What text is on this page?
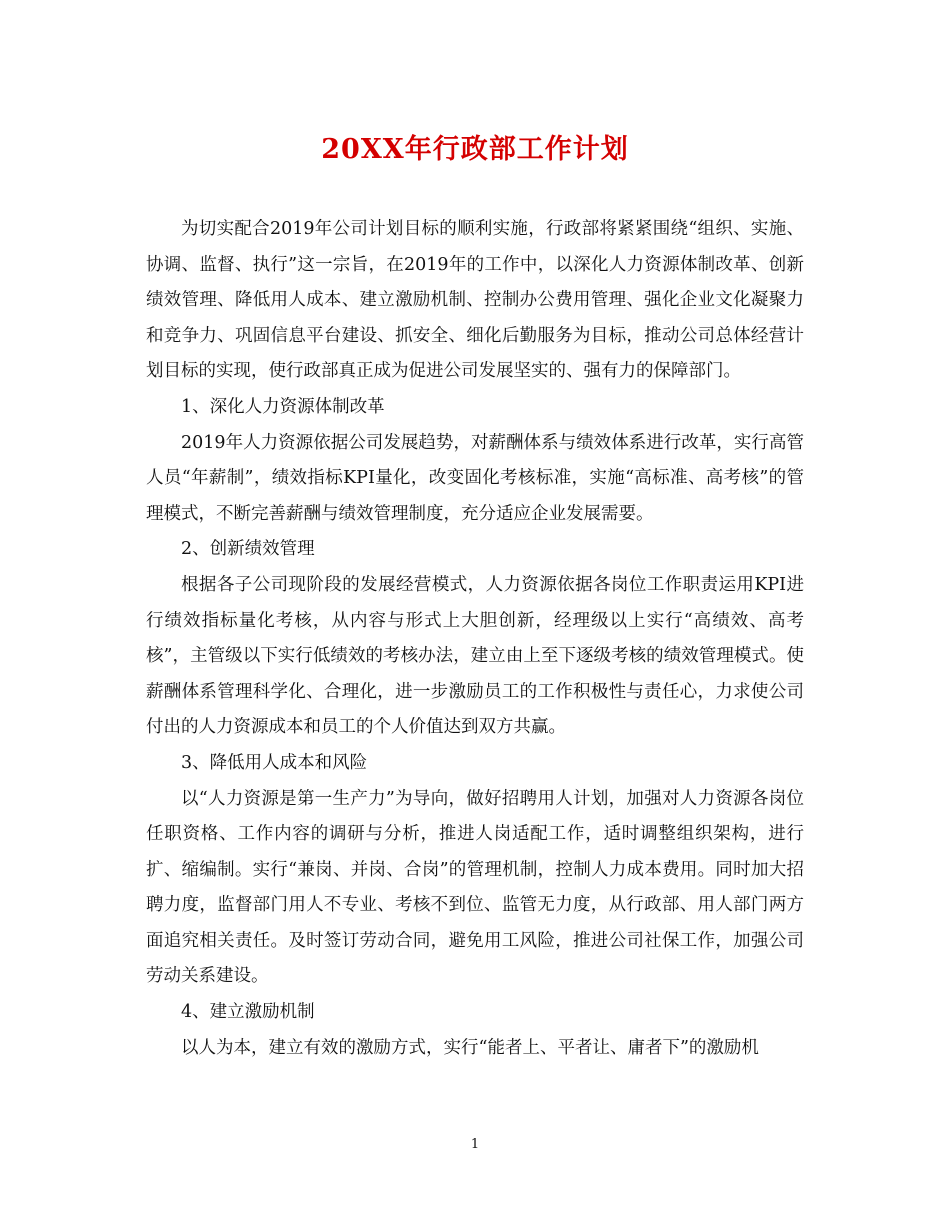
20XX年行政部工作计划

为切实配合2019年公司计划目标的顺利实施，行政部将紧紧围绕“组织、实施、协调、监督、执行”这一宗旨，在2019年的工作中，以深化人力资源体制改革、创新绩效管理、降低用人成本、建立激励机制、控制办公费用管理、强化企业文化凝聚力和竞争力、巩固信息平台建设、抓安全、细化后勤服务为目标，推动公司总体经营计划目标的实现，使行政部真正成为促进公司发展坚实的、强有力的保障部门。

1、深化人力资源体制改革

2019年人力资源依据公司发展趋势，对薪酬体系与绩效体系进行改革，实行高管人员“年薪制”，绩效指标KPI量化，改变固化考核标准，实施“高标准、高考核”的管理模式，不断完善薪酬与绩效管理制度，充分适应企业发展需要。

2、创新绩效管理

根据各子公司现阶段的发展经营模式，人力资源依据各岗位工作职责运用KPI进行绩效指标量化考核，从内容与形式上大胆创新，经理级以上实行“高绩效、高考核”，主管级以下实行低绩效的考核办法，建立由上至下逐级考核的绩效管理模式。使薪酬体系管理科学化、合理化，进一步激励员工的工作积极性与责任心，力求使公司付出的人力资源成本和员工的个人价值达到双方共赢。

3、降低用人成本和风险

以“人力资源是第一生产力”为导向，做好招聘用人计划，加强对人力资源各岗位任职资格、工作内容的调研与分析，推进人岗适配工作，适时调整组织架构，进行扩、缩编制。实行“兼岗、并岗、合岗”的管理机制，控制人力成本费用。同时加大招聘力度，监督部门用人不专业、考核不到位、监管无力度，从行政部、用人部门两方面追究相关责任。及时签订劳动合同，避免用工风险，推进公司社保工作，加强公司劳动关系建设。

4、建立激励机制

以人为本，建立有效的激励方式，实行“能者上、平者让、庸者下”的激励机

1
